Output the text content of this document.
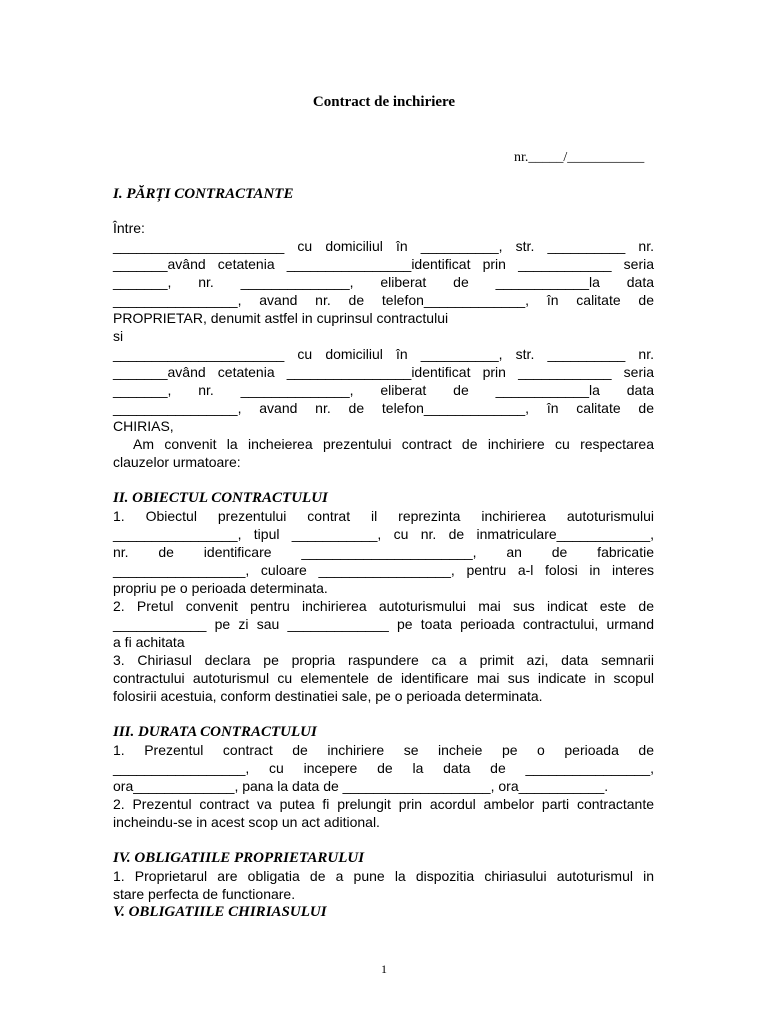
Contract de inchiriere
nr._____/___________
I. PĂRȚI CONTRACTANTE
Între:
______________________ cu domiciliul în __________, str. __________ nr.
_______având cetatenia ________________identificat prin ____________ seria
_______, nr. ______________, eliberat de ____________la data
________________, avand nr. de telefon_____________, în calitate de
PROPRIETAR, denumit astfel in cuprinsul contractului
si
______________________ cu domiciliul în __________, str. __________ nr.
_______având cetatenia ________________identificat prin ____________ seria
_______, nr. ______________, eliberat de ____________la data
________________, avand nr. de telefon_____________, în calitate de
CHIRIAS,
Am convenit la incheierea prezentului contract de inchiriere cu respectarea
clauzelor urmatoare:
II. OBIECTUL CONTRACTULUI
1. Obiectul prezentului contrat il reprezinta inchirierea autoturismului
________________, tipul ___________, cu nr. de inmatriculare____________,
nr. de identificare ______________________, an de fabricatie
_________________, culoare _________________, pentru a-l folosi in interes
propriu pe o perioada determinata.
2. Pretul convenit pentru inchirierea autoturismului mai sus indicat este de
____________ pe zi sau _____________ pe toata perioada contractului, urmand
a fi achitata
3. Chiriasul declara pe propria raspundere ca a primit azi, data semnarii
contractului autoturismul cu elementele de identificare mai sus indicate in scopul
folosirii acestuia, conform destinatiei sale, pe o perioada determinata.
III. DURATA CONTRACTULUI
1. Prezentul contract de inchiriere se incheie pe o perioada de
_________________, cu incepere de la data de ________________,
ora_____________, pana la data de ___________________, ora___________.
2. Prezentul contract va putea fi prelungit prin acordul ambelor parti contractante
incheindu-se in acest scop un act aditional.
IV. OBLIGATIILE PROPRIETARULUI
1. Proprietarul are obligatia de a pune la dispozitia chiriasului autoturismul in
stare perfecta de functionare.
V. OBLIGATIILE CHIRIASULUI
1
